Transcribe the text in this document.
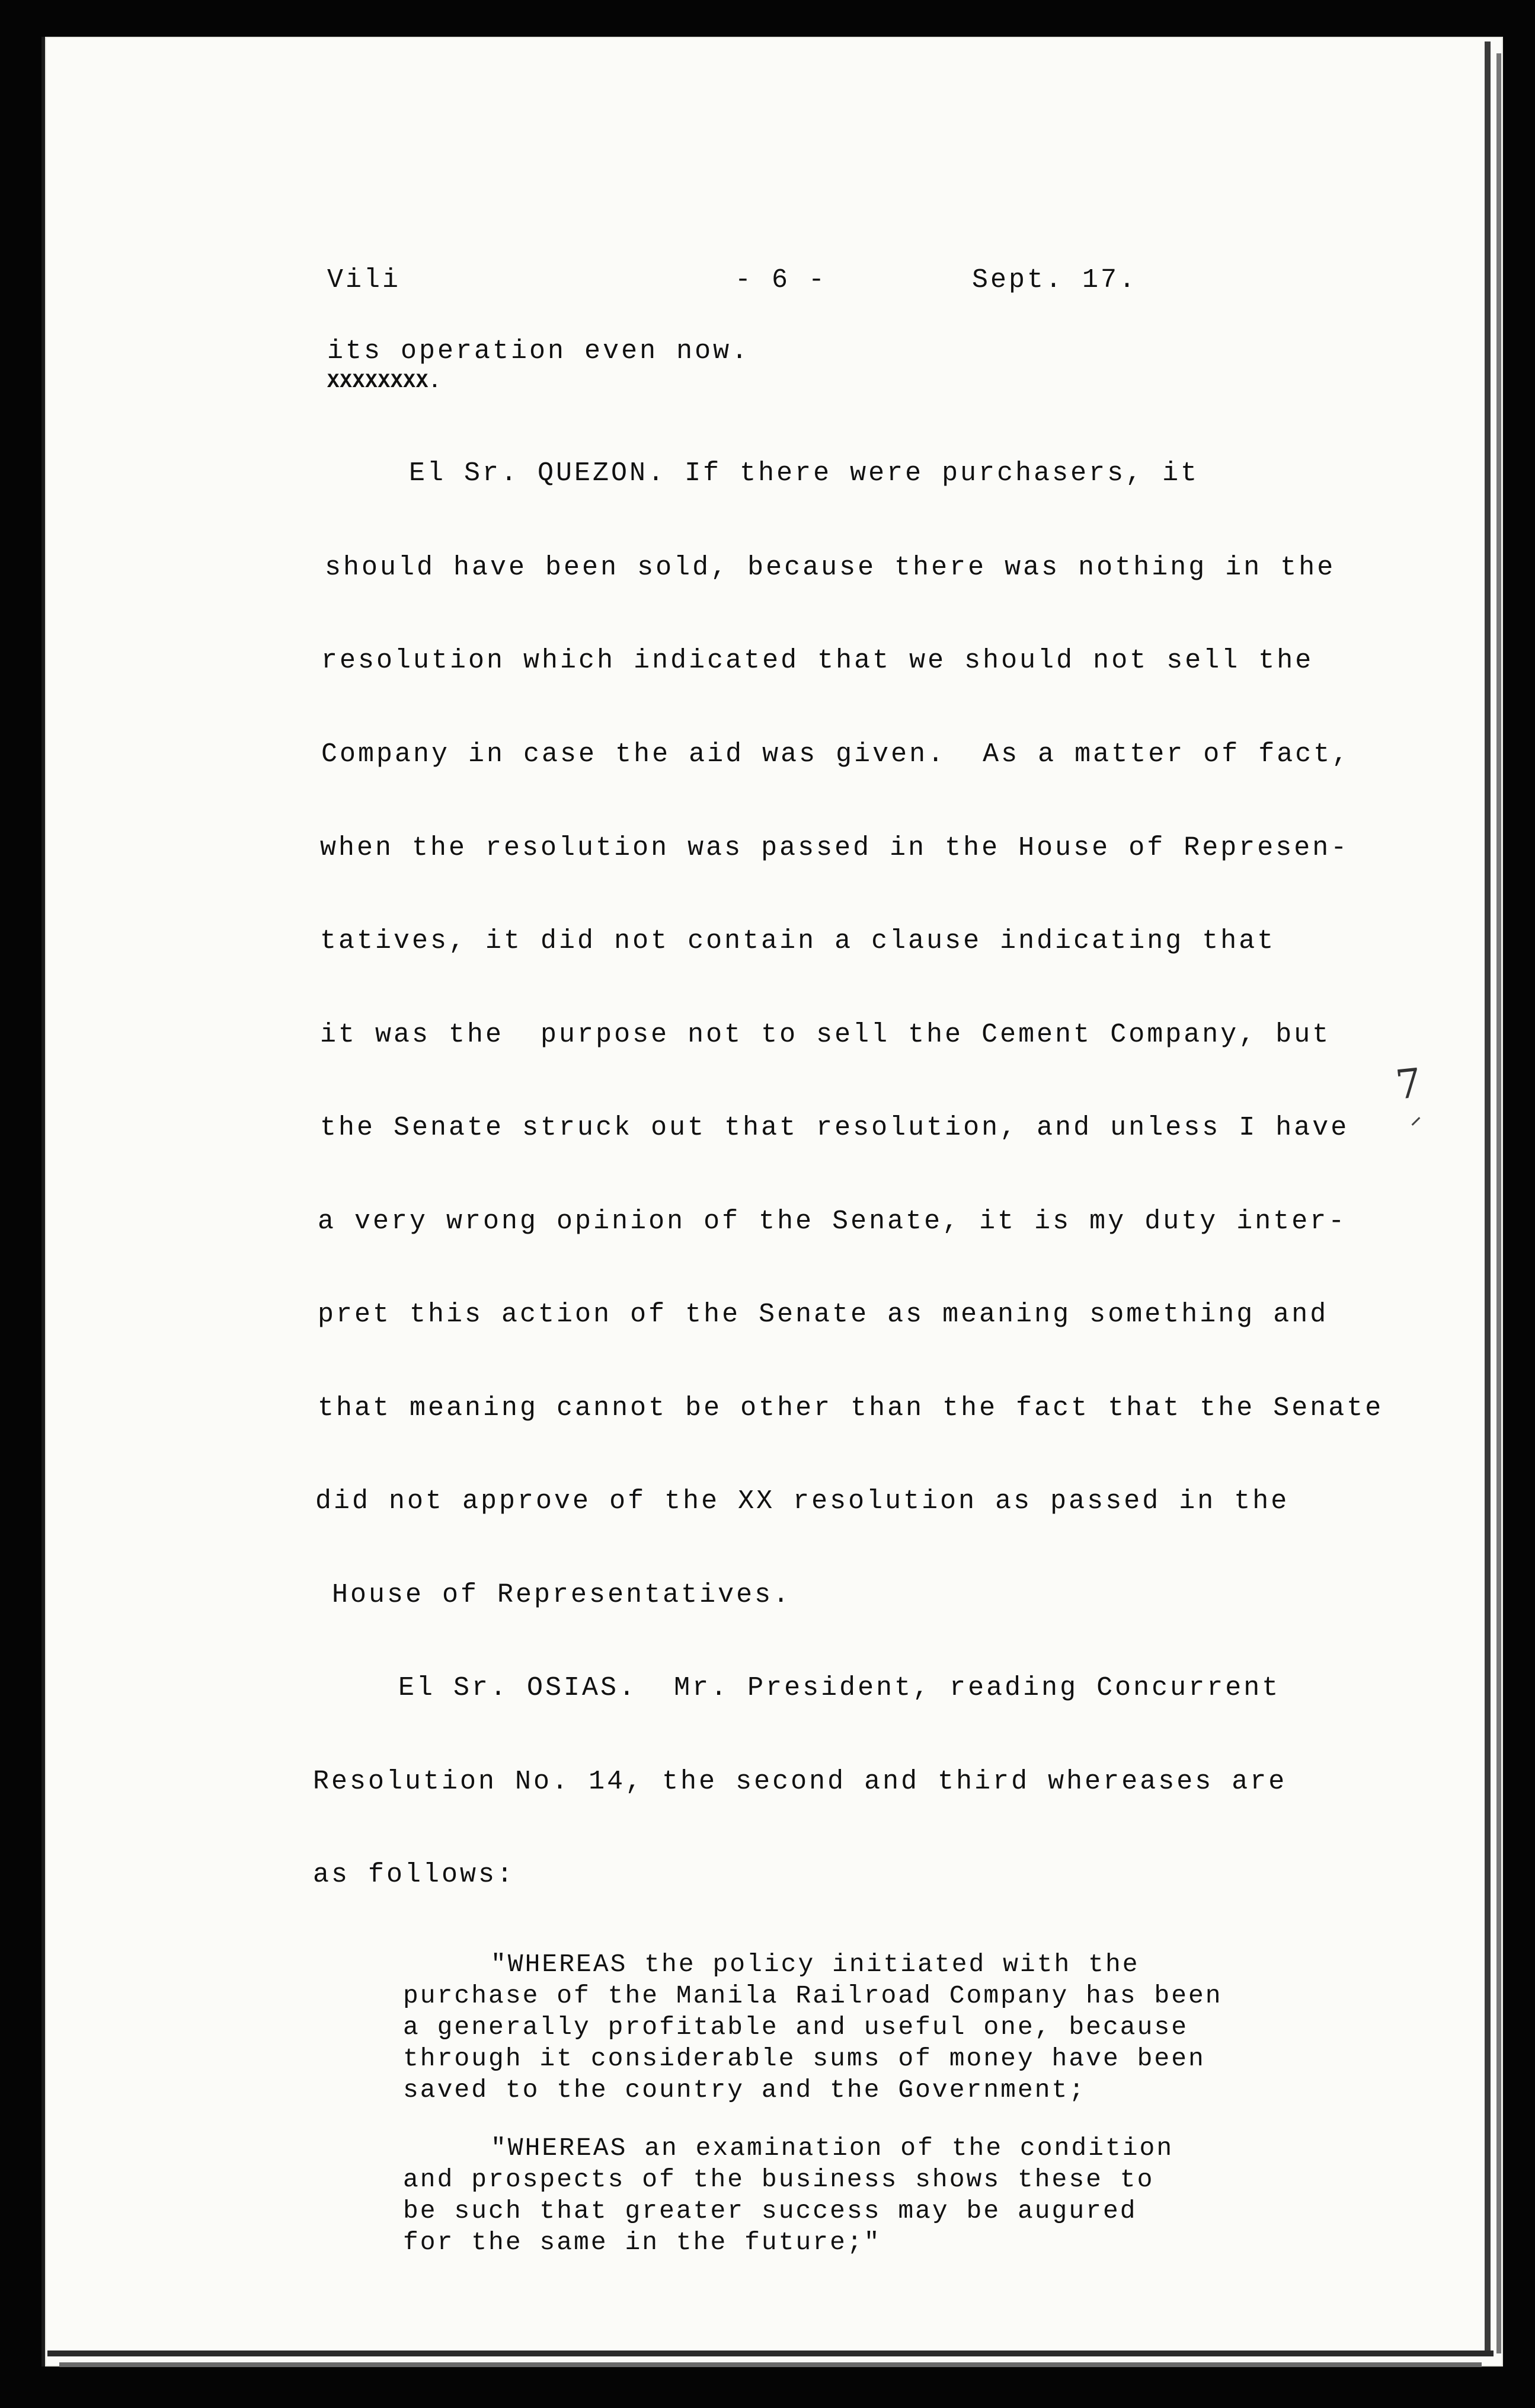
Vili	- 6 -	Sept. 17.
its operation even now.
XXXXXXXX.
El Sr. QUEZON. If there were purchasers, it
should have been sold, because there was nothing in the
resolution which indicated that we should not sell the
Company in case the aid was given.  As a matter of fact,
when the resolution was passed in the House of Represen-
tatives, it did not contain a clause indicating that
it was the  purpose not to sell the Cement Company, but
the Senate struck out that resolution, and unless I have
a very wrong opinion of the Senate, it is my duty inter-
pret this action of the Senate as meaning something and
that meaning cannot be other than the fact that the Senate
did not approve of the XX resolution as passed in the
House of Representatives.
El Sr. OSIAS.  Mr. President, reading Concurrent
Resolution No. 14, the second and third whereases are
as follows:
"WHEREAS the policy initiated with the
purchase of the Manila Railroad Company has been
a generally profitable and useful one, because
through it considerable sums of money have been
saved to the country and the Government;
"WHEREAS an examination of the condition
and prospects of the business shows these to
be such that greater success may be augured
for the same in the future;"
7
